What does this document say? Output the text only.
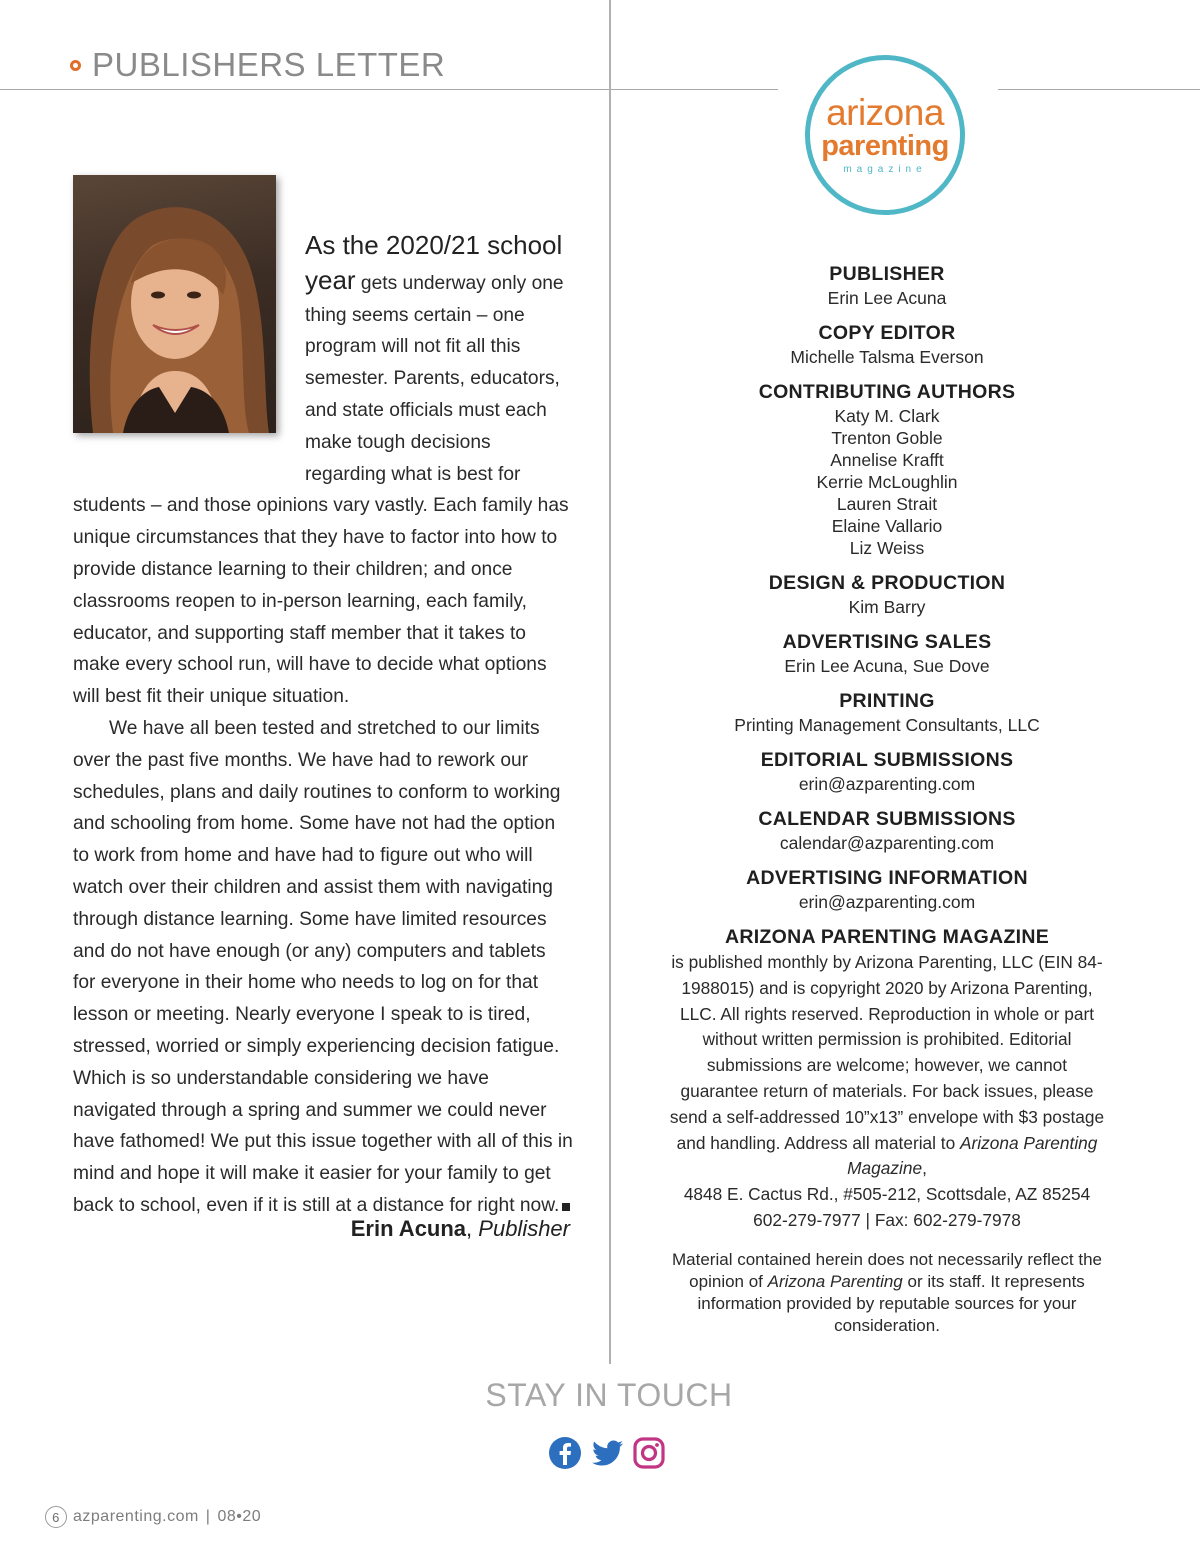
PUBLISHERS LETTER

As the 2020/21 school year gets underway only one thing seems certain – one program will not fit all this semester. Parents, educators, and state officials must each make tough decisions regarding what is best for students – and those opinions vary vastly. Each family has unique circumstances that they have to factor into how to provide distance learning to their children; and once classrooms reopen to in-person learning, each family, educator, and supporting staff member that it takes to make every school run, will have to decide what options will best fit their unique situation.

We have all been tested and stretched to our limits over the past five months. We have had to rework our schedules, plans and daily routines to conform to working and schooling from home. Some have not had the option to work from home and have had to figure out who will watch over their children and assist them with navigating through distance learning. Some have limited resources and do not have enough (or any) computers and tablets for everyone in their home who needs to log on for that lesson or meeting. Nearly everyone I speak to is tired, stressed, worried or simply experiencing decision fatigue. Which is so understandable considering we have navigated through a spring and summer we could never have fathomed! We put this issue together with all of this in mind and hope it will make it easier for your family to get back to school, even if it is still at a distance for right now.

Erin Acuna, Publisher

arizona
parenting
magazine
PUBLISHER
Erin Lee Acuna
COPY EDITOR
Michelle Talsma Everson
CONTRIBUTING AUTHORS
Katy M. Clark
Trenton Goble
Annelise Krafft
Kerrie McLoughlin
Lauren Strait
Elaine Vallario
Liz Weiss
DESIGN & PRODUCTION
Kim Barry
ADVERTISING SALES
Erin Lee Acuna, Sue Dove
PRINTING
Printing Management Consultants, LLC
EDITORIAL SUBMISSIONS
erin@azparenting.com
CALENDAR SUBMISSIONS
calendar@azparenting.com
ADVERTISING INFORMATION
erin@azparenting.com
ARIZONA PARENTING MAGAZINE
is published monthly by Arizona Parenting, LLC (EIN 84-1988015) and is copyright 2020 by Arizona Parenting, LLC. All rights reserved. Reproduction in whole or part without written permission is prohibited. Editorial submissions are welcome; however, we cannot guarantee return of materials. For back issues, please send a self-addressed 10”x13” envelope with $3 postage and handling. Address all material to Arizona Parenting Magazine,
4848 E. Cactus Rd., #505-212, Scottsdale, AZ 85254
602-279-7977 | Fax: 602-279-7978
Material contained herein does not necessarily reflect the opinion of Arizona Parenting or its staff. It represents information provided by reputable sources for your consideration.
STAY IN TOUCH
6 azparenting.com | 08•20
